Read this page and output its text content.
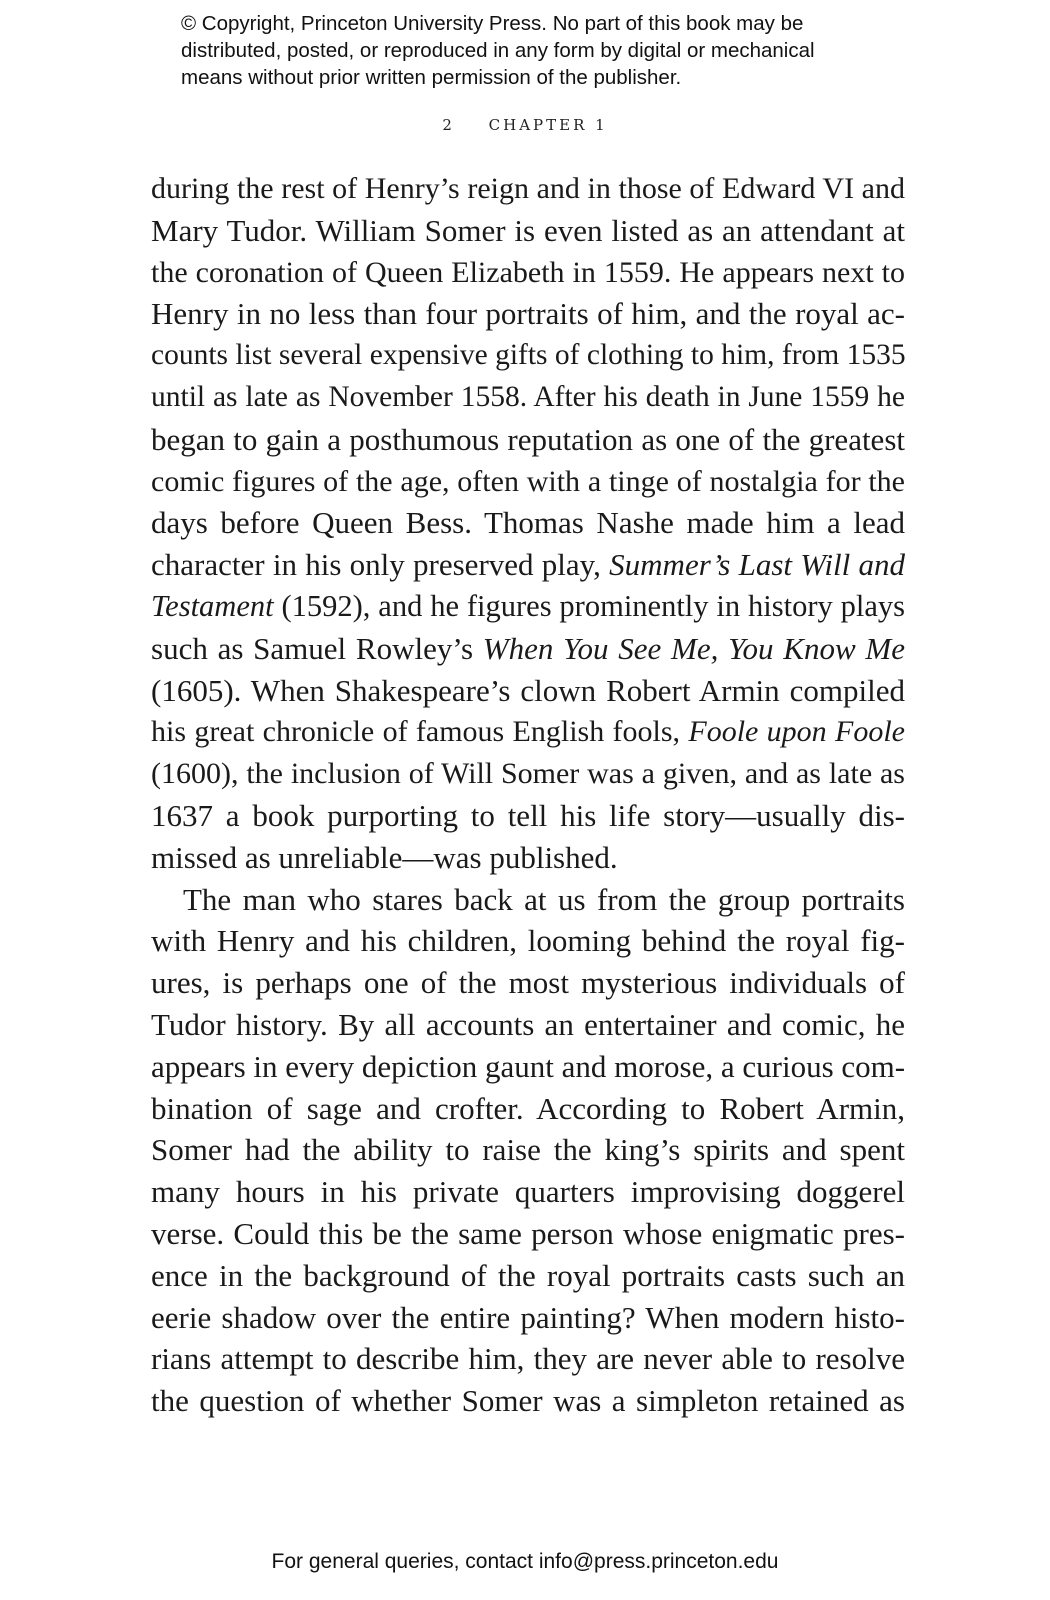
© Copyright, Princeton University Press. No part of this book may be
distributed, posted, or reproduced in any form by digital or mechanical
means without prior written permission of the publisher.
2 CHAPTER 1
during the rest of Henry’s reign and in those of Edward VI and
Mary Tudor. William Somer is even listed as an attendant at
the coronation of Queen Elizabeth in 1559. He appears next to
Henry in no less than four portraits of him, and the royal ac-
counts list several expensive gifts of clothing to him, from 1535
until as late as November 1558. After his death in June 1559 he
began to gain a posthumous reputation as one of the greatest
comic figures of the age, often with a tinge of nostalgia for the
days before Queen Bess. Thomas Nashe made him a lead
character in his only preserved play, Summer’s Last Will and
Testament (1592), and he figures prominently in history plays
such as Samuel Rowley’s When You See Me, You Know Me
(1605). When Shakespeare’s clown Robert Armin compiled
his great chronicle of famous English fools, Foole upon Foole
(1600), the inclusion of Will Somer was a given, and as late as
1637 a book purporting to tell his life story—usually dis-
missed as unreliable—was published.
The man who stares back at us from the group portraits
with Henry and his children, looming behind the royal fig-
ures, is perhaps one of the most mysterious individuals of
Tudor history. By all accounts an entertainer and comic, he
appears in every depiction gaunt and morose, a curious com-
bination of sage and crofter. According to Robert Armin,
Somer had the ability to raise the king’s spirits and spent
many hours in his private quarters improvising doggerel
verse. Could this be the same person whose enigmatic pres-
ence in the background of the royal portraits casts such an
eerie shadow over the entire painting? When modern histo-
rians attempt to describe him, they are never able to resolve
the question of whether Somer was a simpleton retained as
For general queries, contact info@press.princeton.edu
